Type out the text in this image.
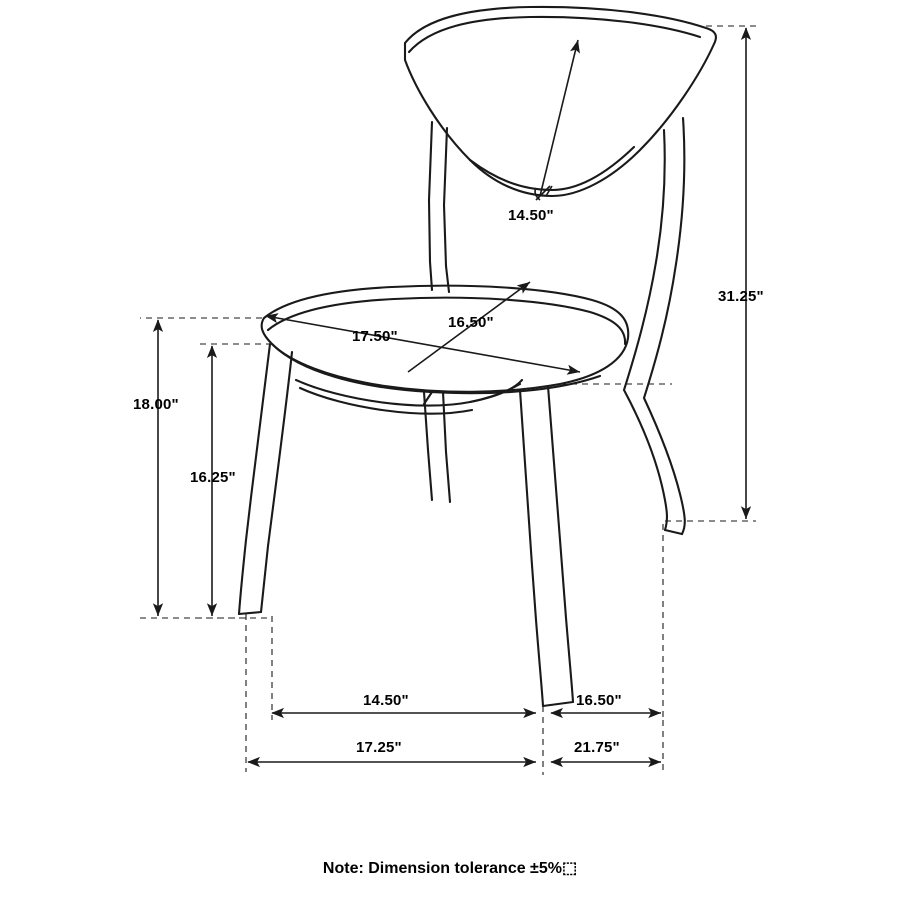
14.50"
31.25"
16.50"
17.50"
18.00"
16.25"
14.50"	16.50"
17.25"	21.75"
Note: Dimension tolerance ±5%⬚
